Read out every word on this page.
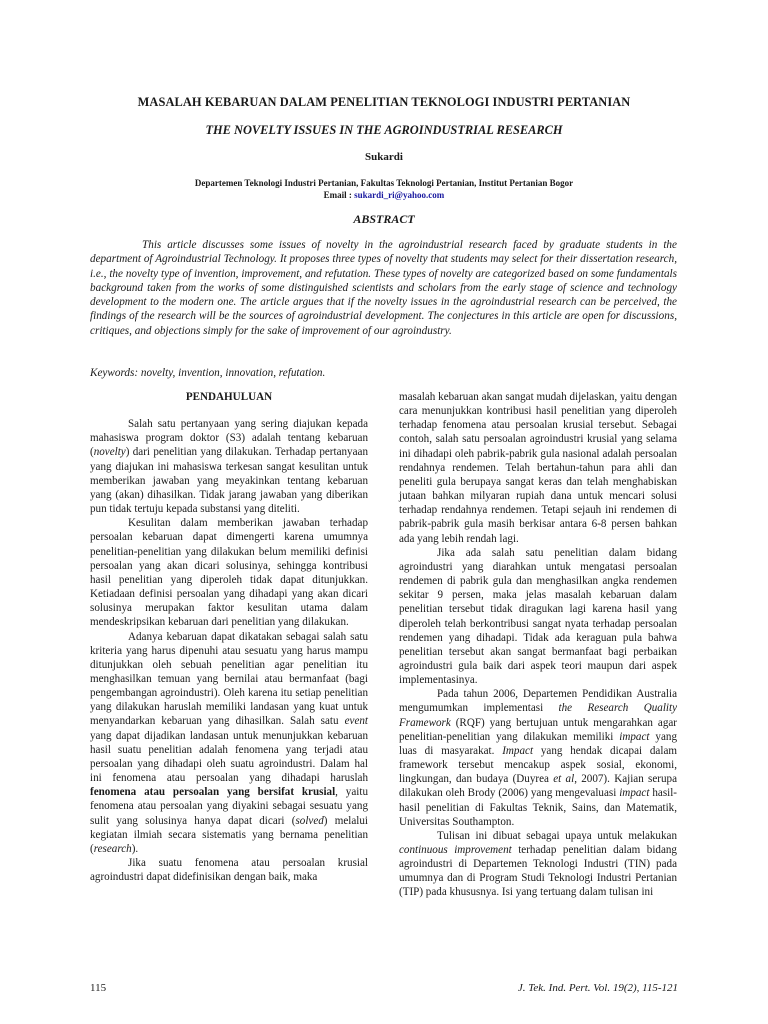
MASALAH KEBARUAN DALAM PENELITIAN TEKNOLOGI INDUSTRI PERTANIAN
THE NOVELTY ISSUES IN THE AGROINDUSTRIAL RESEARCH
Sukardi
Departemen Teknologi Industri Pertanian, Fakultas Teknologi Pertanian, Institut Pertanian Bogor
Email : sukardi_ri@yahoo.com
ABSTRACT

This article discusses some issues of novelty in the agroindustrial research faced by graduate students in the department of Agroindustrial Technology. It proposes three types of novelty that students may select for their dissertation research, i.e., the novelty type of invention, improvement, and refutation. These types of novelty are categorized based on some fundamentals background taken from the works of some distinguished scientists and scholars from the early stage of science and technology development to the modern one. The article argues that if the novelty issues in the agroindustrial research can be perceived, the findings of the research will be the sources of agroindustrial development. The conjectures in this article are open for discussions, critiques, and objections simply for the sake of improvement of our agroindustry.

Keywords: novelty, invention, innovation, refutation.

PENDAHULUAN

Salah satu pertanyaan yang sering diajukan kepada mahasiswa program doktor (S3) adalah tentang kebaruan (novelty) dari penelitian yang dilakukan. Terhadap pertanyaan yang diajukan ini mahasiswa terkesan sangat kesulitan untuk memberikan jawaban yang meyakinkan tentang kebaruan yang (akan) dihasilkan. Tidak jarang jawaban yang diberikan pun tidak tertuju kepada substansi yang diteliti.

Kesulitan dalam memberikan jawaban terhadap persoalan kebaruan dapat dimengerti karena umumnya penelitian-penelitian yang dilakukan belum memiliki definisi persoalan yang akan dicari solusinya, sehingga kontribusi hasil penelitian yang diperoleh tidak dapat ditunjukkan. Ketiadaan definisi persoalan yang dihadapi yang akan dicari solusinya merupakan faktor kesulitan utama dalam mendeskripsikan kebaruan dari penelitian yang dilakukan.

Adanya kebaruan dapat dikatakan sebagai salah satu kriteria yang harus dipenuhi atau sesuatu yang harus mampu ditunjukkan oleh sebuah penelitian agar penelitian itu menghasilkan temuan yang bernilai atau bermanfaat (bagi pengembangan agroindustri). Oleh karena itu setiap penelitian yang dilakukan haruslah memiliki landasan yang kuat untuk menyandarkan kebaruan yang dihasilkan. Salah satu event yang dapat dijadikan landasan untuk menunjukkan kebaruan hasil suatu penelitian adalah fenomena yang terjadi atau persoalan yang dihadapi oleh suatu agroindustri. Dalam hal ini fenomena atau persoalan yang dihadapi haruslah fenomena atau persoalan yang bersifat krusial, yaitu fenomena atau persoalan yang diyakini sebagai sesuatu yang sulit yang solusinya hanya dapat dicari (solved) melalui kegiatan ilmiah secara sistematis yang bernama penelitian (research).

Jika suatu fenomena atau persoalan krusial agroindustri dapat didefinisikan dengan baik, maka

masalah kebaruan akan sangat mudah dijelaskan, yaitu dengan cara menunjukkan kontribusi hasil penelitian yang diperoleh terhadap fenomena atau persoalan krusial tersebut. Sebagai contoh, salah satu persoalan agroindustri krusial yang selama ini dihadapi oleh pabrik-pabrik gula nasional adalah persoalan rendahnya rendemen. Telah bertahun-tahun para ahli dan peneliti gula berupaya sangat keras dan telah menghabiskan jutaan bahkan milyaran rupiah dana untuk mencari solusi terhadap rendahnya rendemen. Tetapi sejauh ini rendemen di pabrik-pabrik gula masih berkisar antara 6-8 persen bahkan ada yang lebih rendah lagi.

Jika ada salah satu penelitian dalam bidang agroindustri yang diarahkan untuk mengatasi persoalan rendemen di pabrik gula dan menghasilkan angka rendemen sekitar 9 persen, maka jelas masalah kebaruan dalam penelitian tersebut tidak diragukan lagi karena hasil yang diperoleh telah berkontribusi sangat nyata terhadap persoalan rendemen yang dihadapi. Tidak ada keraguan pula bahwa penelitian tersebut akan sangat bermanfaat bagi perbaikan agroindustri gula baik dari aspek teori maupun dari aspek implementasinya.

Pada tahun 2006, Departemen Pendidikan Australia mengumumkan implementasi the Research Quality Framework (RQF) yang bertujuan untuk mengarahkan agar penelitian-penelitian yang dilakukan memiliki impact yang luas di masyarakat. Impact yang hendak dicapai dalam framework tersebut mencakup aspek sosial, ekonomi, lingkungan, dan budaya (Duyrea et al, 2007). Kajian serupa dilakukan oleh Brody (2006) yang mengevaluasi impact hasil-hasil penelitian di Fakultas Teknik, Sains, dan Matematik, Universitas Southampton.

Tulisan ini dibuat sebagai upaya untuk melakukan continuous improvement terhadap penelitian dalam bidang agroindustri di Departemen Teknologi Industri (TIN) pada umumnya dan di Program Studi Teknologi Industri Pertanian (TIP) pada khususnya. Isi yang tertuang dalam tulisan ini

115	J. Tek. Ind. Pert. Vol. 19(2), 115-121
